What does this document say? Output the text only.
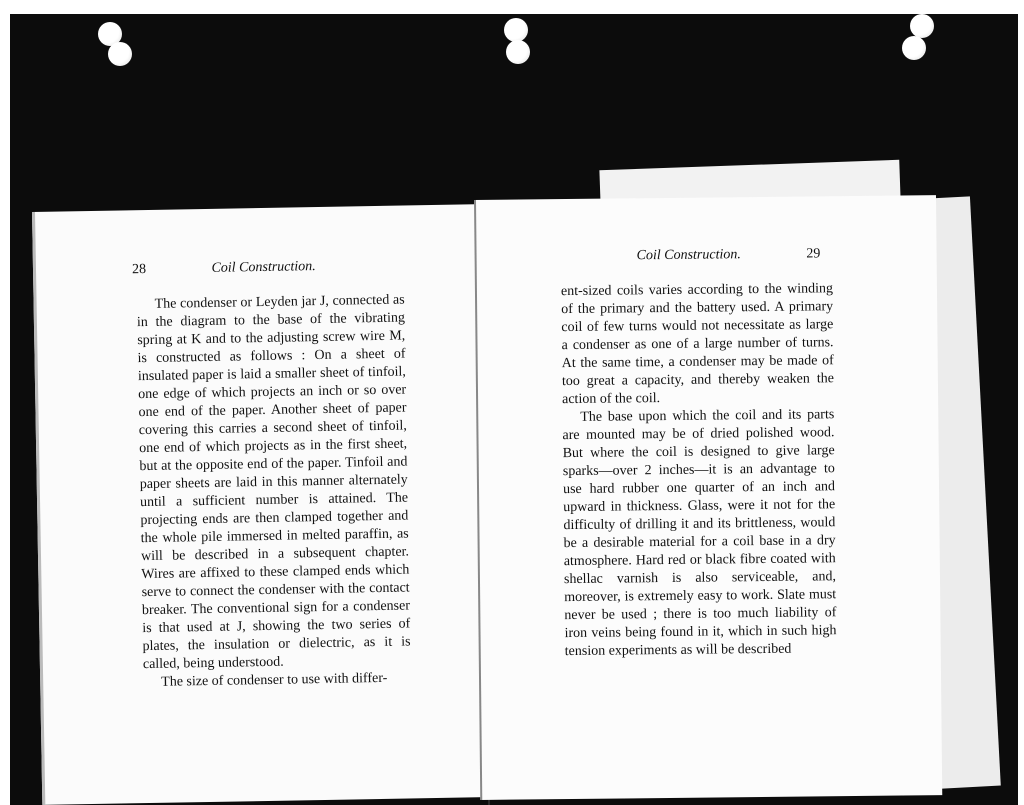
28	Coil Construction.

The condenser or Leyden jar J, connected as in the diagram to the base of the vibrating spring at K and to the adjusting screw wire M, is constructed as follows : On a sheet of insulated paper is laid a smaller sheet of tinfoil, one edge of which projects an inch or so over one end of the paper. Another sheet of paper covering this carries a second sheet of tinfoil, one end of which projects as in the first sheet, but at the opposite end of the paper. Tinfoil and paper sheets are laid in this manner alternately until a sufficient number is attained. The projecting ends are then clamped together and the whole pile immersed in melted paraffin, as will be described in a subsequent chapter. Wires are affixed to these clamped ends which serve to connect the condenser with the contact breaker. The conventional sign for a condenser is that used at J, showing the two series of plates, the insulation or dielectric, as it is called, being understood.

The size of condenser to use with differ-

Coil Construction.	29

ent-sized coils varies according to the winding of the primary and the battery used. A primary coil of few turns would not necessitate as large a condenser as one of a large number of turns. At the same time, a condenser may be made of too great a capacity, and thereby weaken the action of the coil.

The base upon which the coil and its parts are mounted may be of dried polished wood. But where the coil is designed to give large sparks—over 2 inches—it is an advantage to use hard rubber one quarter of an inch and upward in thickness. Glass, were it not for the difficulty of drilling it and its brittleness, would be a desirable material for a coil base in a dry atmosphere. Hard red or black fibre coated with shellac varnish is also serviceable, and, moreover, is extremely easy to work. Slate must never be used ; there is too much liability of iron veins being found in it, which in such high tension experiments as will be described
